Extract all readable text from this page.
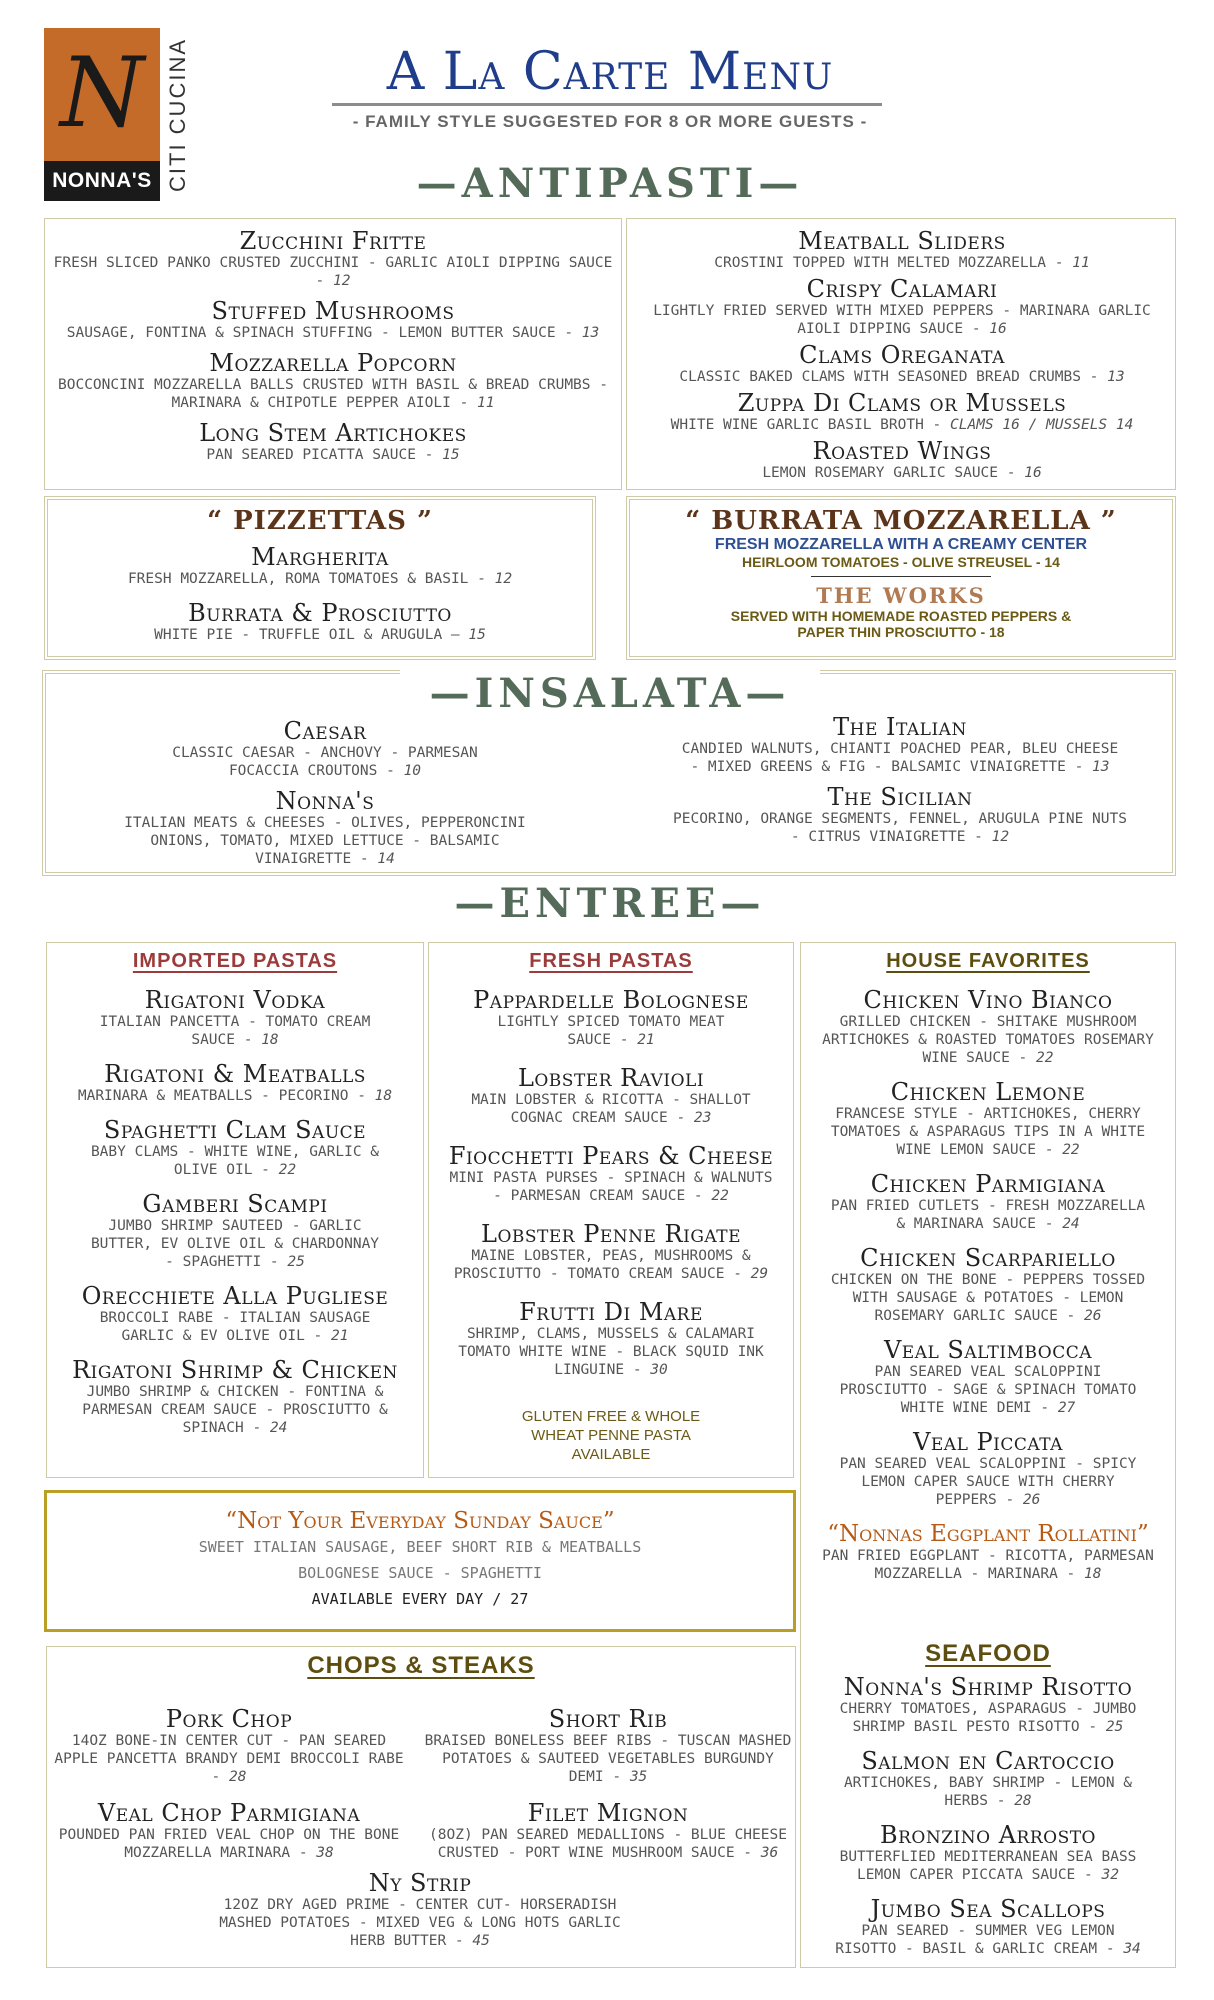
N
NONNA'S CITI CUCINA	A La Carte Menu
- FAMILY STYLE SUGGESTED FOR 8 OR MORE GUESTS -
—ANTIPASTI—
Zucchini Fritte
FRESH SLICED PANKO CRUSTED ZUCCHINI - GARLIC AIOLI DIPPING SAUCE - 12
Stuffed Mushrooms
SAUSAGE, FONTINA & SPINACH STUFFING - LEMON BUTTER SAUCE - 13
Mozzarella Popcorn
BOCCONCINI MOZZARELLA BALLS CRUSTED WITH BASIL & BREAD CRUMBS - MARINARA & CHIPOTLE PEPPER AIOLI - 11
Long Stem Artichokes
PAN SEARED PICATTA SAUCE - 15
Meatball Sliders
CROSTINI TOPPED WITH MELTED MOZZARELLA - 11
Crispy Calamari
LIGHTLY FRIED SERVED WITH MIXED PEPPERS - MARINARA GARLIC AIOLI DIPPING SAUCE - 16
Clams Oreganata
CLASSIC BAKED CLAMS WITH SEASONED BREAD CRUMBS - 13
Zuppa Di Clams or Mussels
WHITE WINE GARLIC BASIL BROTH - CLAMS 16 / MUSSELS 14
Roasted Wings
LEMON ROSEMARY GARLIC SAUCE - 16
“ PIZZETTAS ”
Margherita
FRESH MOZZARELLA, ROMA TOMATOES & BASIL - 12
Burrata & Prosciutto
WHITE PIE - TRUFFLE OIL & ARUGULA – 15
“ BURRATA MOZZARELLA ”
FRESH MOZZARELLA WITH A CREAMY CENTER
HEIRLOOM TOMATOES - OLIVE STREUSEL - 14
THE WORKS
SERVED WITH HOMEMADE ROASTED PEPPERS & PAPER THIN PROSCIUTTO - 18
—INSALATA—
Caesar
CLASSIC CAESAR - ANCHOVY - PARMESAN FOCACCIA CROUTONS - 10
Nonna's
ITALIAN MEATS & CHEESES - OLIVES, PEPPERONCINI ONIONS, TOMATO, MIXED LETTUCE - BALSAMIC VINAIGRETTE - 14
The Italian
CANDIED WALNUTS, CHIANTI POACHED PEAR, BLEU CHEESE - MIXED GREENS & FIG - BALSAMIC VINAIGRETTE - 13
The Sicilian
PECORINO, ORANGE SEGMENTS, FENNEL, ARUGULA PINE NUTS - CITRUS VINAIGRETTE - 12
—ENTREE—
IMPORTED PASTAS
Rigatoni Vodka
ITALIAN PANCETTA - TOMATO CREAM SAUCE - 18
Rigatoni & Meatballs
MARINARA & MEATBALLS - PECORINO - 18
Spaghetti Clam Sauce
BABY CLAMS - WHITE WINE, GARLIC & OLIVE OIL - 22
Gamberi Scampi
JUMBO SHRIMP SAUTEED - GARLIC BUTTER, EV OLIVE OIL & CHARDONNAY - SPAGHETTI - 25
Orecchiete Alla Pugliese
BROCCOLI RABE - ITALIAN SAUSAGE GARLIC & EV OLIVE OIL - 21
Rigatoni Shrimp & Chicken
JUMBO SHRIMP & CHICKEN - FONTINA & PARMESAN CREAM SAUCE - PROSCIUTTO & SPINACH - 24
FRESH PASTAS
Pappardelle Bolognese
LIGHTLY SPICED TOMATO MEAT SAUCE - 21
Lobster Ravioli
MAIN LOBSTER & RICOTTA - SHALLOT COGNAC CREAM SAUCE - 23
Fiocchetti Pears & Cheese
MINI PASTA PURSES - SPINACH & WALNUTS - PARMESAN CREAM SAUCE - 22
Lobster Penne Rigate
MAINE LOBSTER, PEAS, MUSHROOMS & PROSCIUTTO - TOMATO CREAM SAUCE - 29
Frutti Di Mare
SHRIMP, CLAMS, MUSSELS & CALAMARI TOMATO WHITE WINE - BLACK SQUID INK LINGUINE - 30
GLUTEN FREE & WHOLE WHEAT PENNE PASTA AVAILABLE
HOUSE FAVORITES
Chicken Vino Bianco
GRILLED CHICKEN - SHITAKE MUSHROOM ARTICHOKES & ROASTED TOMATOES ROSEMARY WINE SAUCE - 22
Chicken Lemone
FRANCESE STYLE - ARTICHOKES, CHERRY TOMATOES & ASPARAGUS TIPS IN A WHITE WINE LEMON SAUCE - 22
Chicken Parmigiana
PAN FRIED CUTLETS - FRESH MOZZARELLA & MARINARA SAUCE - 24
Chicken Scarpariello
CHICKEN ON THE BONE - PEPPERS TOSSED WITH SAUSAGE & POTATOES - LEMON ROSEMARY GARLIC SAUCE - 26
Veal Saltimbocca
PAN SEARED VEAL SCALOPPINI PROSCIUTTO - SAGE & SPINACH TOMATO WHITE WINE DEMI - 27
Veal Piccata
PAN SEARED VEAL SCALOPPINI - SPICY LEMON CAPER SAUCE WITH CHERRY PEPPERS - 26
“Nonnas Eggplant Rollatini”
PAN FRIED EGGPLANT - RICOTTA, PARMESAN MOZZARELLA - MARINARA - 18
“Not Your Everyday Sunday Sauce”
SWEET ITALIAN SAUSAGE, BEEF SHORT RIB & MEATBALLS
BOLOGNESE SAUCE - SPAGHETTI
AVAILABLE EVERY DAY / 27
CHOPS & STEAKS
Pork Chop
14OZ BONE-IN CENTER CUT - PAN SEARED APPLE PANCETTA BRANDY DEMI BROCCOLI RABE - 28
Veal Chop Parmigiana
POUNDED PAN FRIED VEAL CHOP ON THE BONE MOZZARELLA MARINARA - 38
Short Rib
BRAISED BONELESS BEEF RIBS - TUSCAN MASHED POTATOES & SAUTEED VEGETABLES BURGUNDY DEMI - 35
Filet Mignon
(8OZ) PAN SEARED MEDALLIONS - BLUE CHEESE CRUSTED - PORT WINE MUSHROOM SAUCE - 36
Ny Strip
12OZ DRY AGED PRIME - CENTER CUT- HORSERADISH MASHED POTATOES - MIXED VEG & LONG HOTS GARLIC HERB BUTTER - 45
SEAFOOD
Nonna's Shrimp Risotto
CHERRY TOMATOES, ASPARAGUS - JUMBO SHRIMP BASIL PESTO RISOTTO - 25
Salmon en Cartoccio
ARTICHOKES, BABY SHRIMP - LEMON & HERBS - 28
Bronzino Arrosto
BUTTERFLIED MEDITERRANEAN SEA BASS LEMON CAPER PICCATA SAUCE - 32
Jumbo Sea Scallops
PAN SEARED - SUMMER VEG LEMON RISOTTO - BASIL & GARLIC CREAM - 34
